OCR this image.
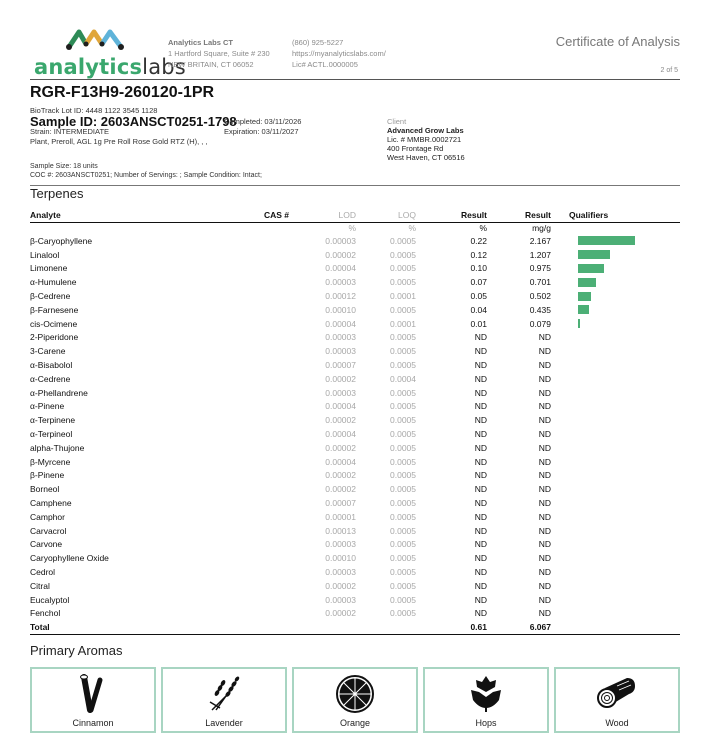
analyticslabs
Analytics Labs CT
1 Hartford Square, Suite # 230
NEW BRITAIN, CT 06052
(860) 925-5227
https://myanalyticslabs.com/
Lic# ACTL.0000005
Certificate of Analysis
2 of 5
RGR-F13H9-260120-1PR
BioTrack Lot ID: 4448 1122 3545 1128
Sample ID: 2603ANSCT0251-1798
Completed: 03/11/2026
Expiration: 03/11/2027
Strain: INTERMEDIATE
Plant, Preroll, AGL 1g Pre Roll Rose Gold RTZ (H), , ,
Client
Advanced Grow Labs
Lic. # MMBR.0002721
400 Frontage Rd
West Haven, CT 06516
Sample Size: 18 units
COC #: 2603ANSCT0251; Number of Servings: ; Sample Condition: Intact;
Terpenes
Analyte	CAS #	LOD	LOQ	Result	Result	Qualifiers
		%	%	%	mg/g	
β-Caryophyllene		0.00003	0.0005	0.22	2.167	

Linalool		0.00002	0.0005	0.12	1.207	

Limonene		0.00004	0.0005	0.10	0.975	

α-Humulene		0.00003	0.0005	0.07	0.701	

β-Cedrene		0.00012	0.0001	0.05	0.502	

β-Farnesene		0.00010	0.0005	0.04	0.435	

cis-Ocimene		0.00004	0.0001	0.01	0.079	

2-Piperidone		0.00003	0.0005	ND	ND	
3-Carene		0.00003	0.0005	ND	ND	
α-Bisabolol		0.00007	0.0005	ND	ND	
α-Cedrene		0.00002	0.0004	ND	ND	
α-Phellandrene		0.00003	0.0005	ND	ND	
α-Pinene		0.00004	0.0005	ND	ND	
α-Terpinene		0.00002	0.0005	ND	ND	
α-Terpineol		0.00004	0.0005	ND	ND	
alpha-Thujone		0.00002	0.0005	ND	ND	
β-Myrcene		0.00004	0.0005	ND	ND	
β-Pinene		0.00002	0.0005	ND	ND	
Borneol		0.00002	0.0005	ND	ND	
Camphene		0.00007	0.0005	ND	ND	
Camphor		0.00001	0.0005	ND	ND	
Carvacrol		0.00013	0.0005	ND	ND	
Carvone		0.00003	0.0005	ND	ND	
Caryophyllene Oxide		0.00010	0.0005	ND	ND	
Cedrol		0.00003	0.0005	ND	ND	
Citral		0.00002	0.0005	ND	ND	
Eucalyptol		0.00003	0.0005	ND	ND	
Fenchol		0.00002	0.0005	ND	ND	
Total				0.61	6.067	
Primary Aromas
Cinnamon	Lavender	Orange	Hops	Wood
